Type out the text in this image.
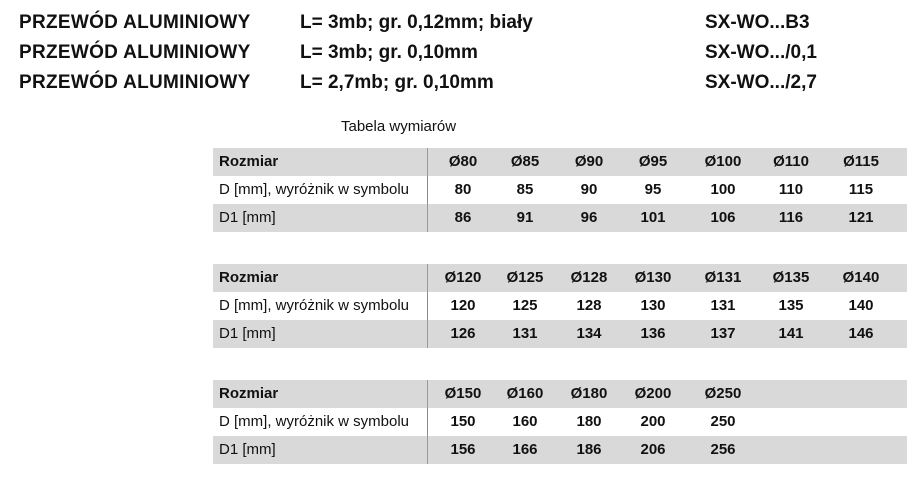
PRZEWÓD ALUMINIOWY	L= 3mb; gr. 0,12mm; biały	SX-WO...B3
PRZEWÓD ALUMINIOWY	L= 3mb; gr. 0,10mm	SX-WO.../0,1
PRZEWÓD ALUMINIOWY	L= 2,7mb; gr. 0,10mm	SX-WO.../2,7
Tabela wymiarów
Rozmiar	Ø80	Ø85	Ø90	Ø95	Ø100	Ø110	Ø115
D [mm], wyróżnik w symbolu	80	85	90	95	100	110	115
D1 [mm]	86	91	96	101	106	116	121
Rozmiar	Ø120	Ø125	Ø128	Ø130	Ø131	Ø135	Ø140
D [mm], wyróżnik w symbolu	120	125	128	130	131	135	140
D1 [mm]	126	131	134	136	137	141	146
Rozmiar	Ø150	Ø160	Ø180	Ø200	Ø250
D [mm], wyróżnik w symbolu	150	160	180	200	250
D1 [mm]	156	166	186	206	256
